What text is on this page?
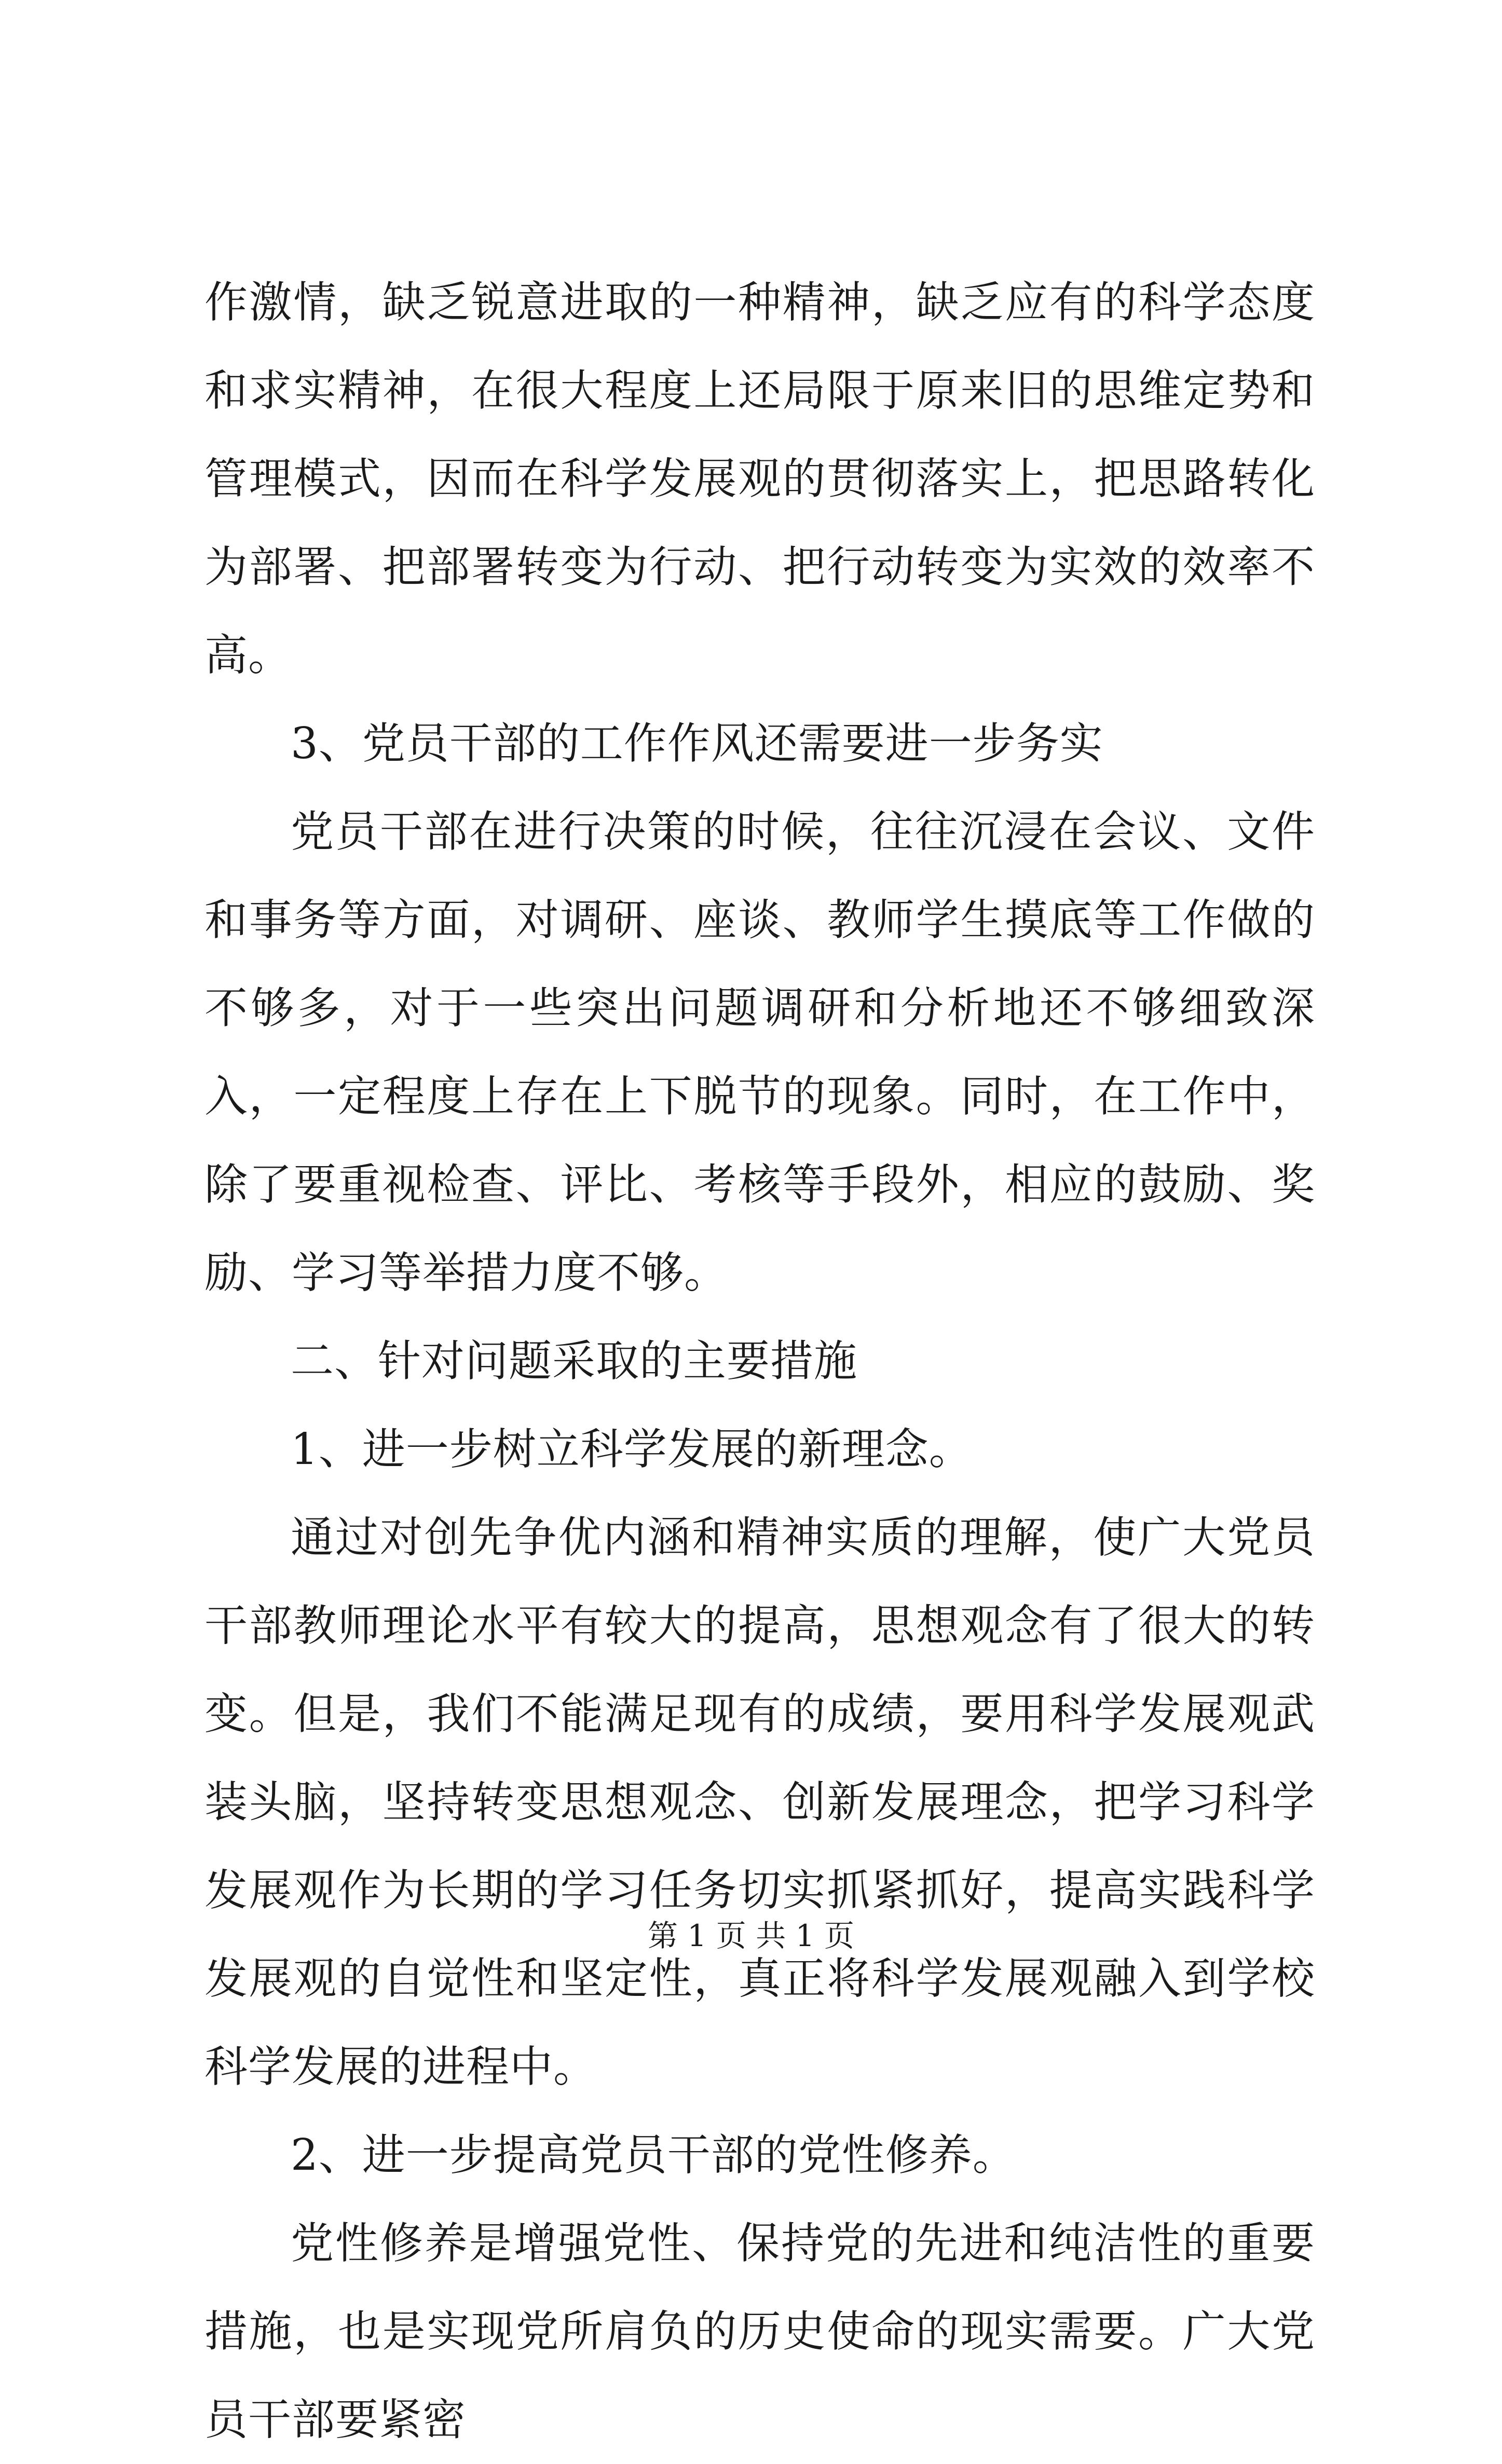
作激情，缺乏锐意进取的一种精神，缺乏应有的科学态度和求实精神，在很大程度上还局限于原来旧的思维定势和管理模式，因而在科学发展观的贯彻落实上，把思路转化为部署、把部署转变为行动、把行动转变为实效的效率不高。

3、党员干部的工作作风还需要进一步务实

党员干部在进行决策的时候，往往沉浸在会议、文件和事务等方面，对调研、座谈、教师学生摸底等工作做的不够多，对于一些突出问题调研和分析地还不够细致深入，一定程度上存在上下脱节的现象。同时，在工作中，除了要重视检查、评比、考核等手段外，相应的鼓励、奖励、学习等举措力度不够。

二、针对问题采取的主要措施

1、进一步树立科学发展的新理念。

通过对创先争优内涵和精神实质的理解，使广大党员干部教师理论水平有较大的提高，思想观念有了很大的转变。但是，我们不能满足现有的成绩，要用科学发展观武装头脑，坚持转变思想观念、创新发展理念，把学习科学发展观作为长期的学习任务切实抓紧抓好，提高实践科学发展观的自觉性和坚定性，真正将科学发展观融入到学校科学发展的进程中。

2、进一步提高党员干部的党性修养。

党性修养是增强党性、保持党的先进和纯洁性的重要措施，也是实现党所肩负的历史使命的现实需要。广大党员干部要紧密

第 1 页 共 1 页
